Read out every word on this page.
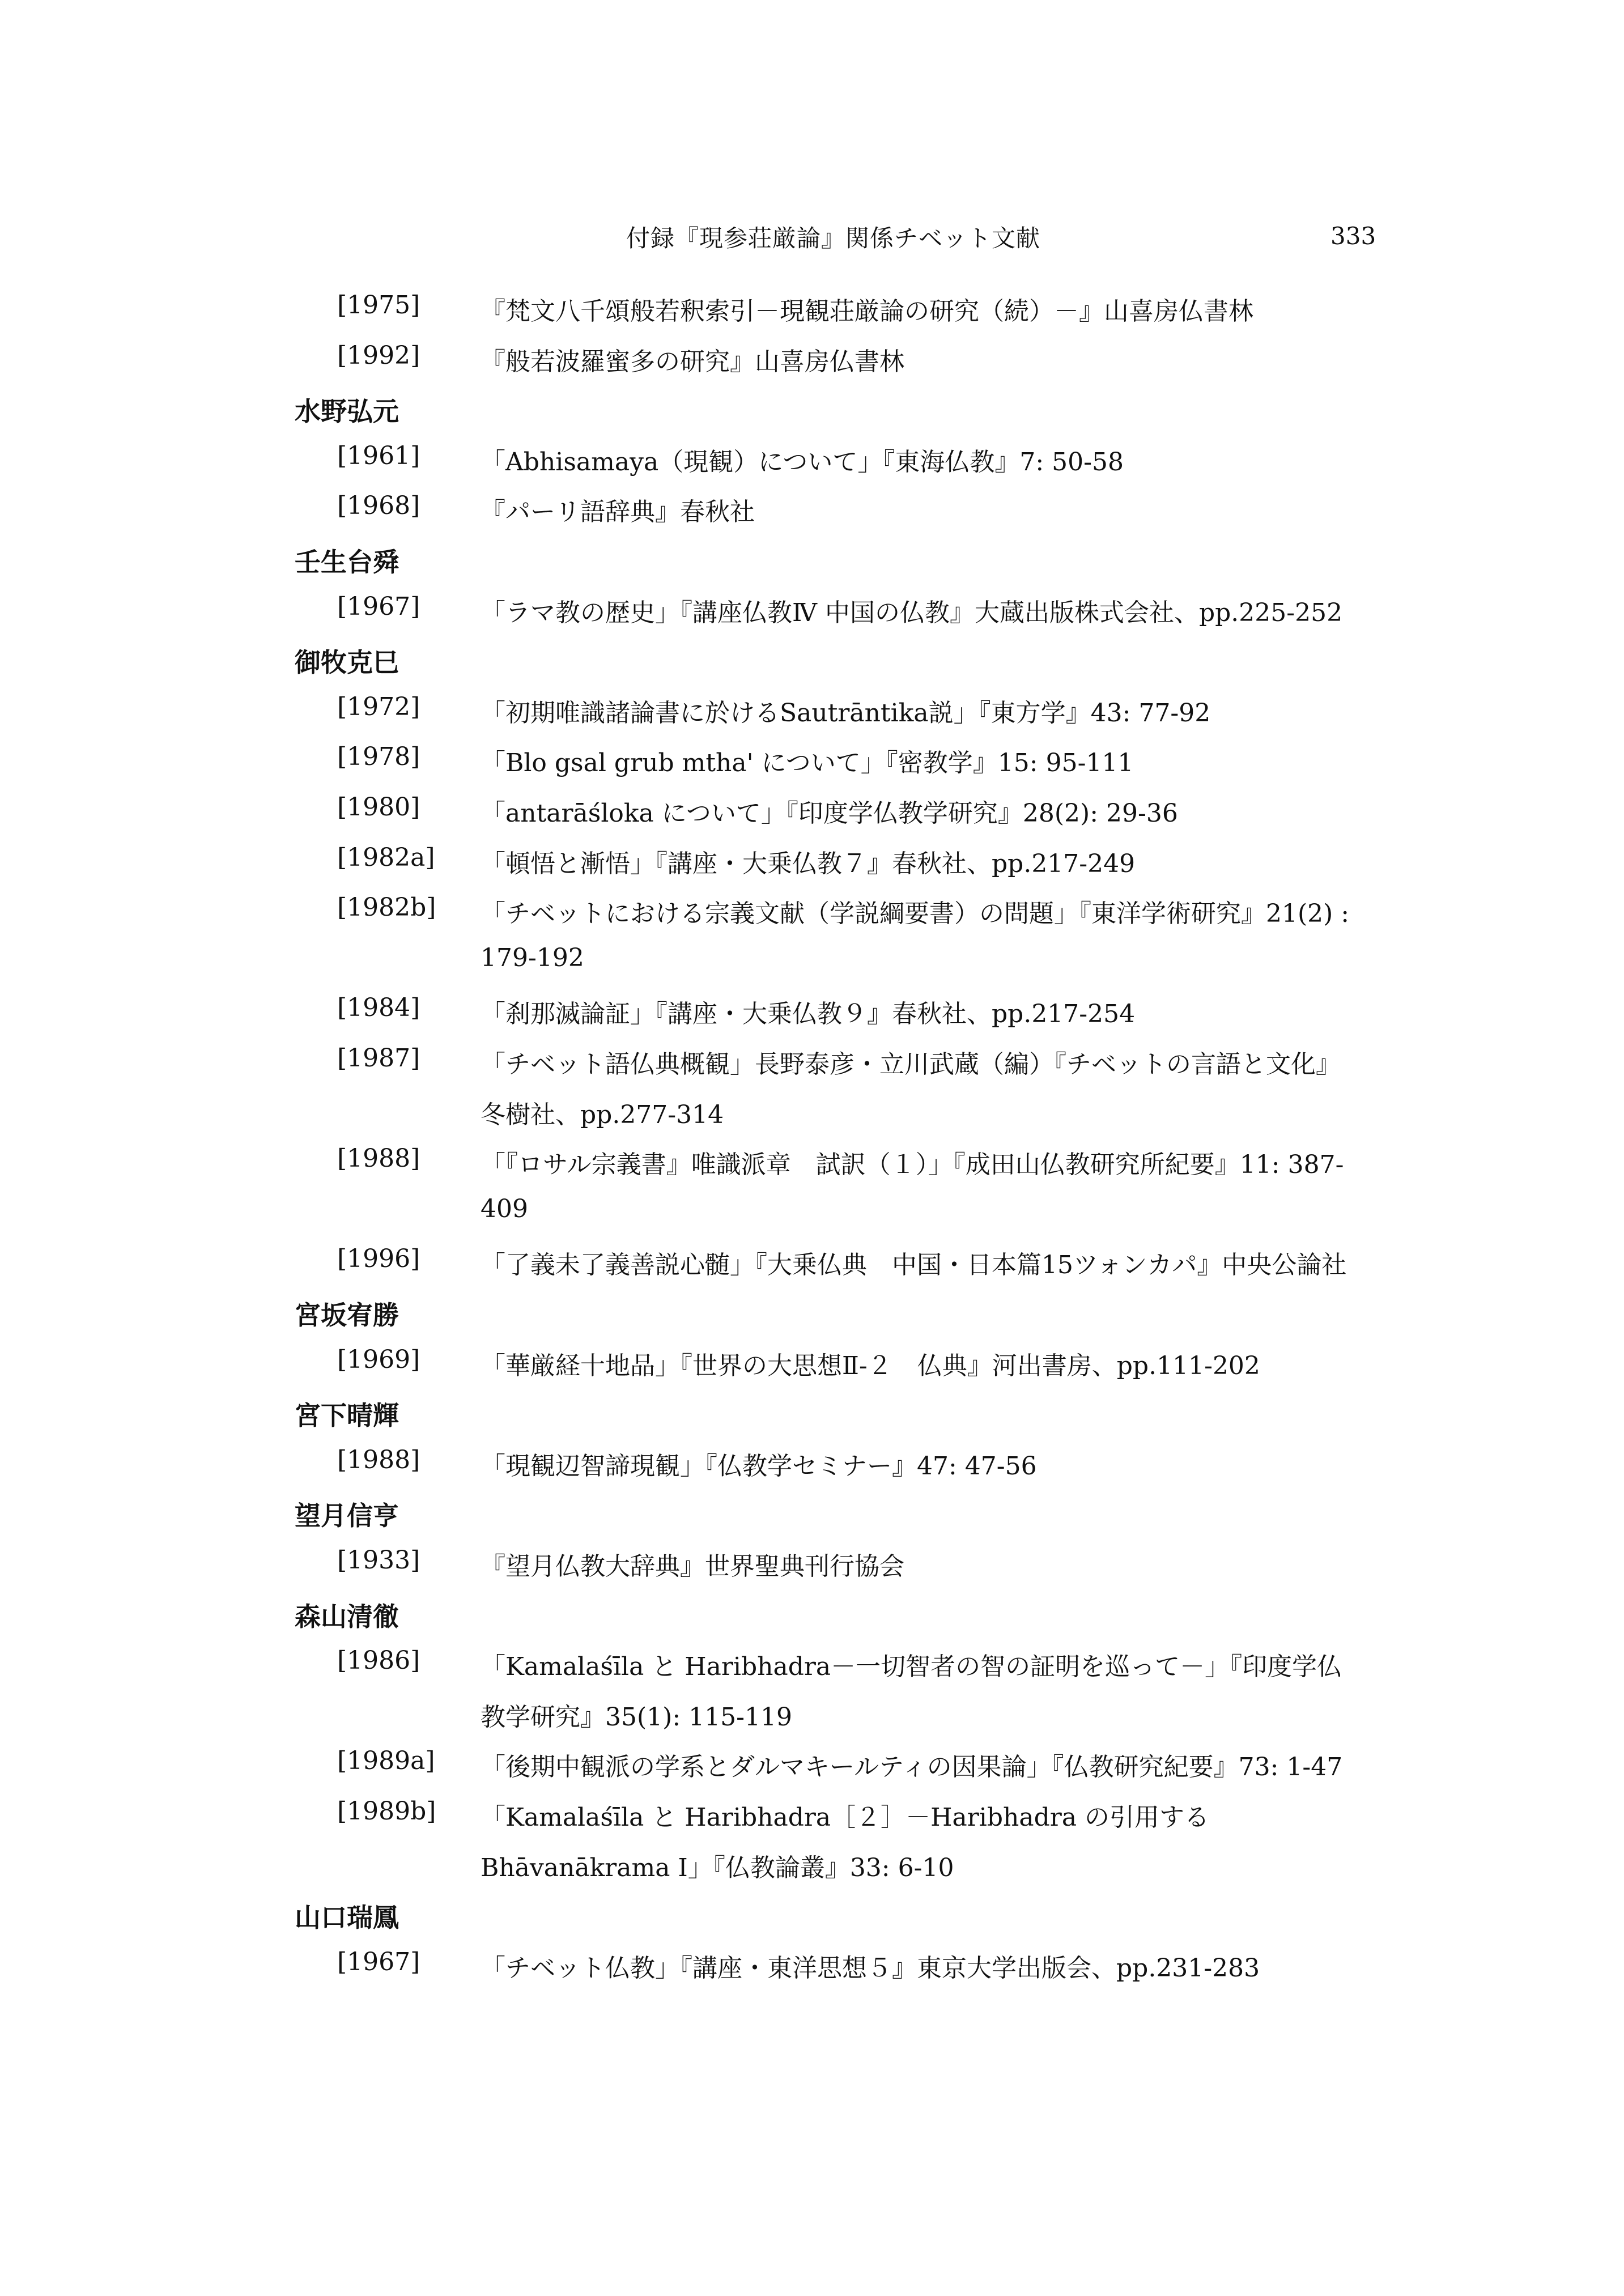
付録『現参荘厳論』関係チベット文献	333
[1975] 『梵文八千頌般若釈索引－現観荘厳論の研究（続）－』山喜房仏書林
[1992] 『般若波羅蜜多の研究』山喜房仏書林
水野弘元
[1961] 「Abhisamaya（現観）について」『東海仏教』7: 50-58
[1968] 『パーリ語辞典』春秋社
壬生台舜
[1967] 「ラマ教の歴史」『講座仏教Ⅳ 中国の仏教』大蔵出版株式会社、pp.225-252
御牧克巳
[1972] 「初期唯識諸論書に於けるSautrāntika説」『東方学』43: 77-92
[1978] 「Blo gsal grub mtha' について」『密教学』15: 95-111
[1980] 「antarāśloka について」『印度学仏教学研究』28(2): 29-36
[1982a] 「頓悟と漸悟」『講座・大乗仏教７』春秋社、pp.217-249
[1982b] 「チベットにおける宗義文献（学説綱要書）の問題」『東洋学術研究』21(2) :
179-192
[1984] 「刹那滅論証」『講座・大乗仏教９』春秋社、pp.217-254
[1987] 「チベット語仏典概観」長野泰彦・立川武蔵（編）『チベットの言語と文化』
冬樹社、pp.277-314
[1988] 「『ロサル宗義書』唯識派章　試訳（１）」『成田山仏教研究所紀要』11: 387-
409
[1996] 「了義未了義善説心髄」『大乗仏典　中国・日本篇15ツォンカパ』中央公論社
宮坂宥勝
[1969] 「華厳経十地品」『世界の大思想Ⅱ-２　仏典』河出書房、pp.111-202
宮下晴輝
[1988] 「現観辺智諦現観」『仏教学セミナー』47: 47-56
望月信亨
[1933] 『望月仏教大辞典』世界聖典刊行協会
森山清徹
[1986] 「Kamalaśīla と Haribhadra－一切智者の智の証明を巡って－」『印度学仏
教学研究』35(1): 115-119
[1989a] 「後期中観派の学系とダルマキールティの因果論」『仏教研究紀要』73: 1-47
[1989b] 「Kamalaśīla と Haribhadra［２］－Haribhadra の引用する
Bhāvanākrama Ⅰ」『仏教論叢』33: 6-10
山口瑞鳳
[1967] 「チベット仏教」『講座・東洋思想５』東京大学出版会、pp.231-283
